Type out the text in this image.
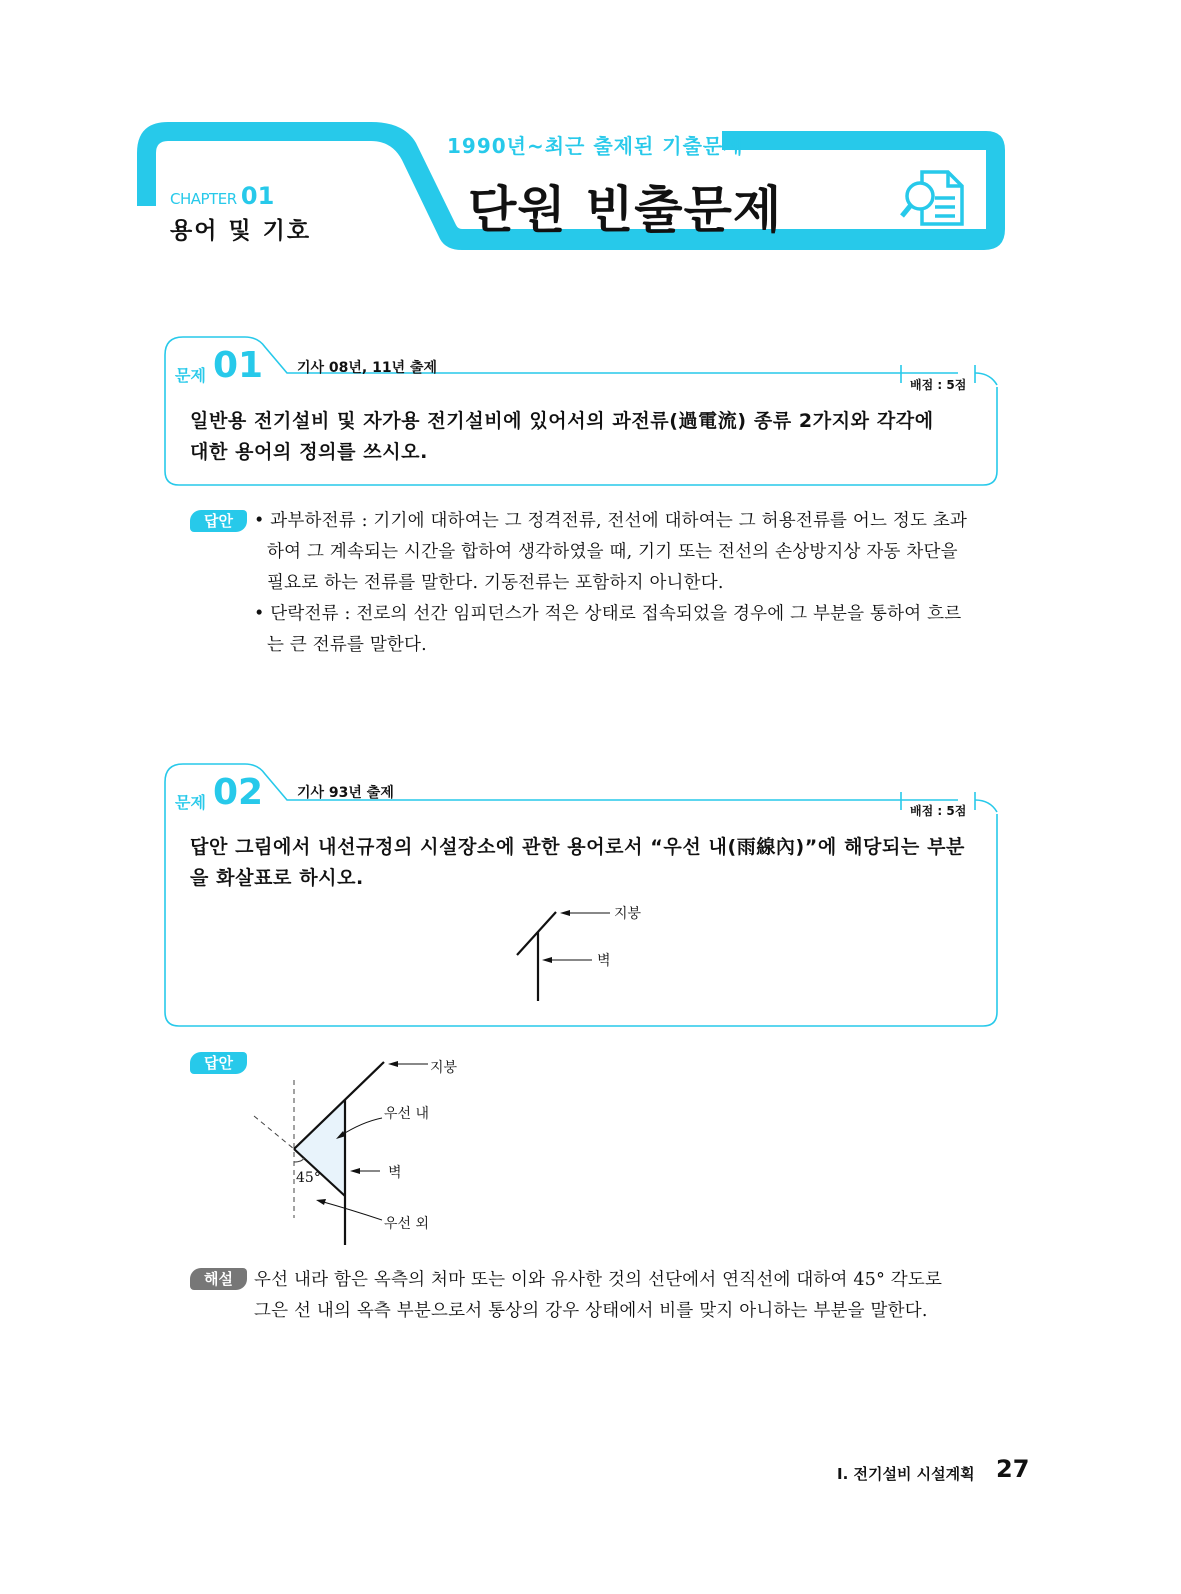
1990년~최근 출제된 기출문제
단원 빈출문제
CHAPTER 01
용어 및 기호
문제 01 기사 08년, 11년 출제
배점 : 5점
일반용 전기설비 및 자가용 전기설비에 있어서의 과전류(過電流) 종류 2가지와 각각에
대한 용어의 정의를 쓰시오.
답안	• 과부하전류 : 기기에 대하여는 그 정격전류, 전선에 대하여는 그 허용전류를 어느 정도 초과
하여 그 계속되는 시간을 합하여 생각하였을 때, 기기 또는 전선의 손상방지상 자동 차단을
필요로 하는 전류를 말한다. 기동전류는 포함하지 아니한다.
• 단락전류 : 전로의 선간 임피던스가 적은 상태로 접속되었을 경우에 그 부분을 통하여 흐르
는 큰 전류를 말한다.
문제 02 기사 93년 출제
배점 : 5점
답안 그림에서 내선규정의 시설장소에 관한 용어로서 “우선 내(雨線內)”에 해당되는 부분
을 화살표로 하시오.
지붕
벽
답안	지붕
우선 내
벽
우선 외
45°
해설	우선 내라 함은 옥측의 처마 또는 이와 유사한 것의 선단에서 연직선에 대하여 45° 각도로
그은 선 내의 옥측 부분으로서 통상의 강우 상태에서 비를 맞지 아니하는 부분을 말한다.
Ⅰ. 전기설비 시설계획 27
